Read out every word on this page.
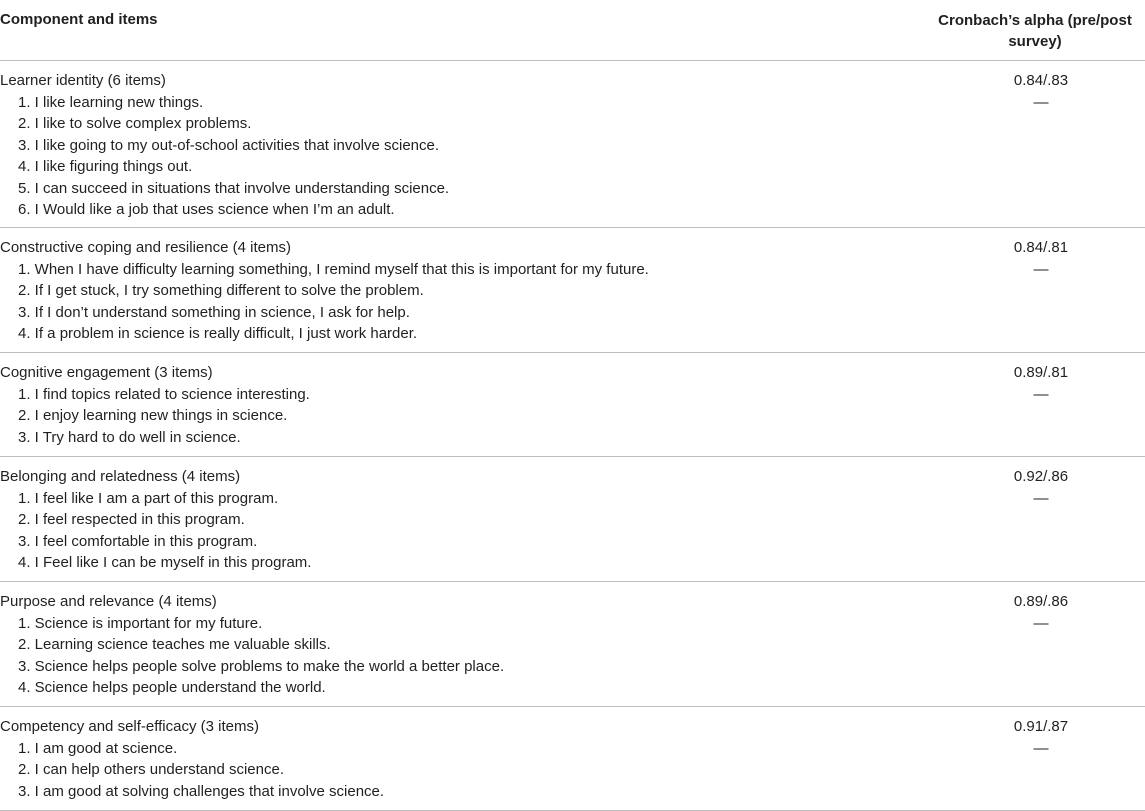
Component and items	Cronbach’s alpha (pre/post survey)
Learner identity (6 items)
1. I like learning new things.
2. I like to solve complex problems.
3. I like going to my out-of-school activities that involve science.
4. I like figuring things out.
5. I can succeed in situations that involve understanding science.
6. I Would like a job that uses science when I’m an adult.
0.84/.83
—
Constructive coping and resilience (4 items)
1. When I have difficulty learning something, I remind myself that this is important for my future.
2. If I get stuck, I try something different to solve the problem.
3. If I don’t understand something in science, I ask for help.
4. If a problem in science is really difficult, I just work harder.
0.84/.81
—
Cognitive engagement (3 items)
1. I find topics related to science interesting.
2. I enjoy learning new things in science.
3. I Try hard to do well in science.
0.89/.81
—
Belonging and relatedness (4 items)
1. I feel like I am a part of this program.
2. I feel respected in this program.
3. I feel comfortable in this program.
4. I Feel like I can be myself in this program.
0.92/.86
—
Purpose and relevance (4 items)
1. Science is important for my future.
2. Learning science teaches me valuable skills.
3. Science helps people solve problems to make the world a better place.
4. Science helps people understand the world.
0.89/.86
—
Competency and self-efficacy (3 items)
1. I am good at science.
2. I can help others understand science.
3. I am good at solving challenges that involve science.
0.91/.87
—
